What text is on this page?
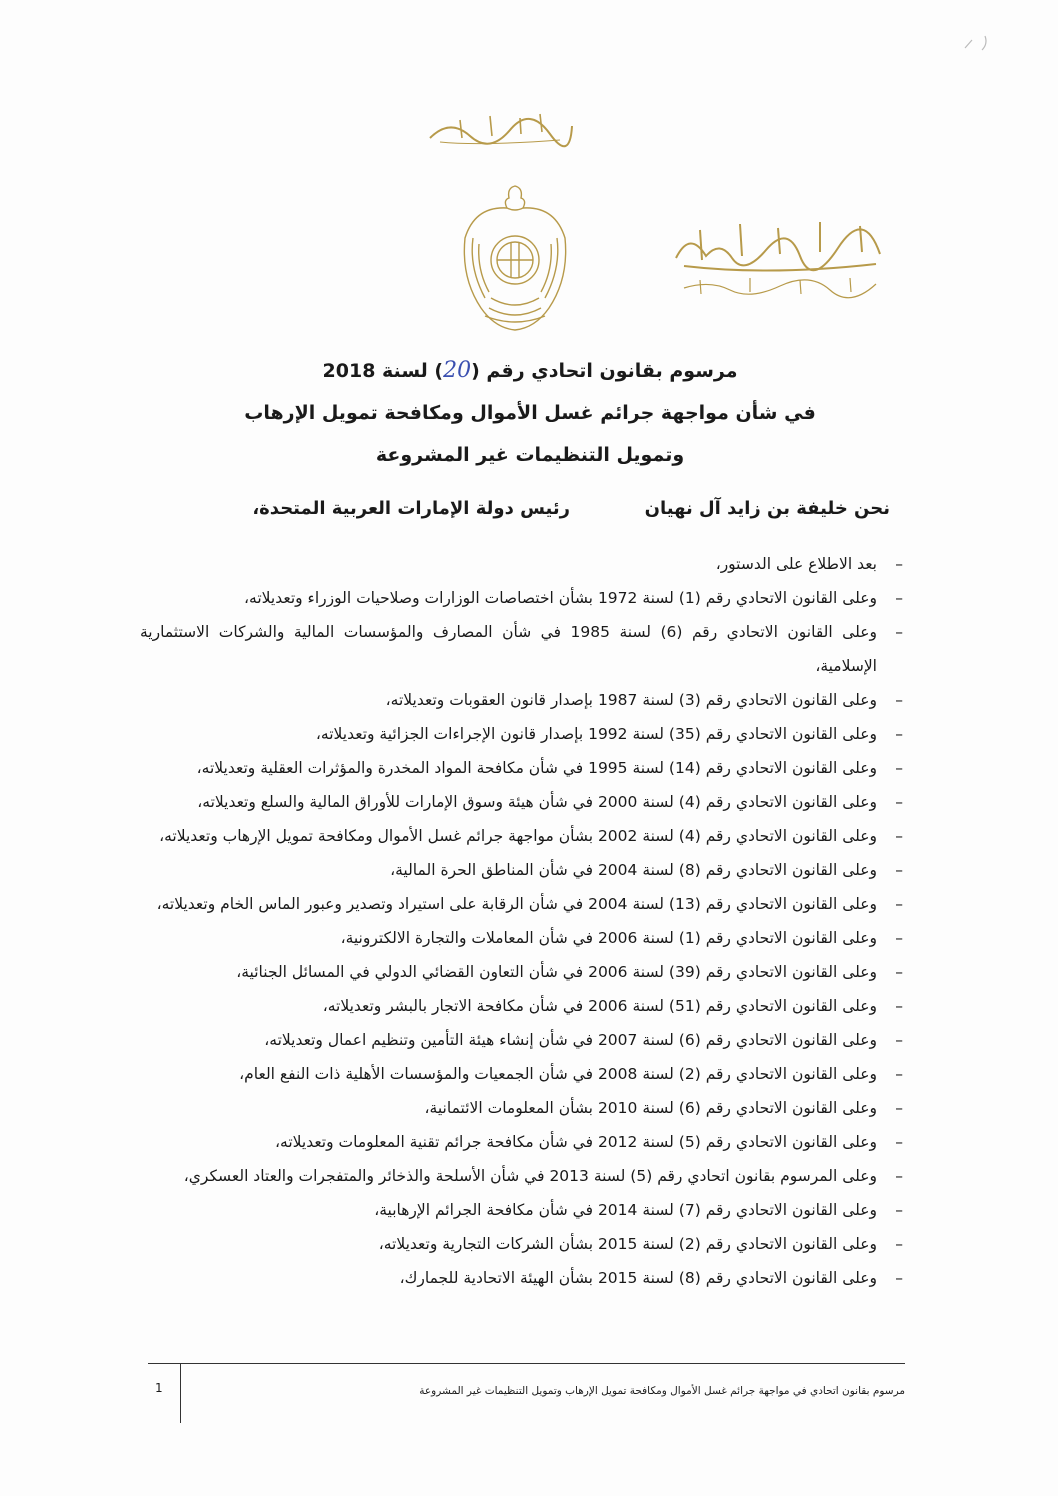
مرسوم بقانون اتحادي رقم (20) لسنة 2018
في شأن مواجهة جرائم غسل الأموال ومكافحة تمويل الإرهاب
وتمويل التنظيمات غير المشروعة
نحن خليفة بن زايد آل نهيان
رئيس دولة الإمارات العربية المتحدة،
–
بعد الاطلاع على الدستور،
–
وعلى القانون الاتحادي رقم (1) لسنة 1972 بشأن اختصاصات الوزارات وصلاحيات الوزراء وتعديلاته،
–
وعلى القانون الاتحادي رقم (6) لسنة 1985 في شأن المصارف والمؤسسات المالية والشركات الاستثمارية الإسلامية،
–
وعلى القانون الاتحادي رقم (3) لسنة 1987 بإصدار قانون العقوبات وتعديلاته،
–
وعلى القانون الاتحادي رقم (35) لسنة 1992 بإصدار قانون الإجراءات الجزائية وتعديلاته،
–
وعلى القانون الاتحادي رقم (14) لسنة 1995 في شأن مكافحة المواد المخدرة والمؤثرات العقلية وتعديلاته،
–
وعلى القانون الاتحادي رقم (4) لسنة 2000 في شأن هيئة وسوق الإمارات للأوراق المالية والسلع وتعديلاته،
–
وعلى القانون الاتحادي رقم (4) لسنة 2002 بشأن مواجهة جرائم غسل الأموال ومكافحة تمويل الإرهاب وتعديلاته،
–
وعلى القانون الاتحادي رقم (8) لسنة 2004 في شأن المناطق الحرة المالية،
–
وعلى القانون الاتحادي رقم (13) لسنة 2004 في شأن الرقابة على استيراد وتصدير وعبور الماس الخام وتعديلاته،
–
وعلى القانون الاتحادي رقم (1) لسنة 2006 في شأن المعاملات والتجارة الالكترونية،
–
وعلى القانون الاتحادي رقم (39) لسنة 2006 في شأن التعاون القضائي الدولي في المسائل الجنائية،
–
وعلى القانون الاتحادي رقم (51) لسنة 2006 في شأن مكافحة الاتجار بالبشر وتعديلاته،
–
وعلى القانون الاتحادي رقم (6) لسنة 2007 في شأن إنشاء هيئة التأمين وتنظيم اعمال وتعديلاته،
–
وعلى القانون الاتحادي رقم (2) لسنة 2008 في شأن الجمعيات والمؤسسات الأهلية ذات النفع العام،
–
وعلى القانون الاتحادي رقم (6) لسنة 2010 بشأن المعلومات الائتمانية،
–
وعلى القانون الاتحادي رقم (5) لسنة 2012 في شأن مكافحة جرائم تقنية المعلومات وتعديلاته،
–
وعلى المرسوم بقانون اتحادي رقم (5) لسنة 2013 في شأن الأسلحة والذخائر والمتفجرات والعتاد العسكري،
–
وعلى القانون الاتحادي رقم (7) لسنة 2014 في شأن مكافحة الجرائم الإرهابية،
–
وعلى القانون الاتحادي رقم (2) لسنة 2015 بشأن الشركات التجارية وتعديلاته،
–
وعلى القانون الاتحادي رقم (8) لسنة 2015 بشأن الهيئة الاتحادية للجمارك،
1	مرسوم بقانون اتحادي في مواجهة جرائم غسل الأموال ومكافحة تمويل الإرهاب وتمويل التنظيمات غير المشروعة
